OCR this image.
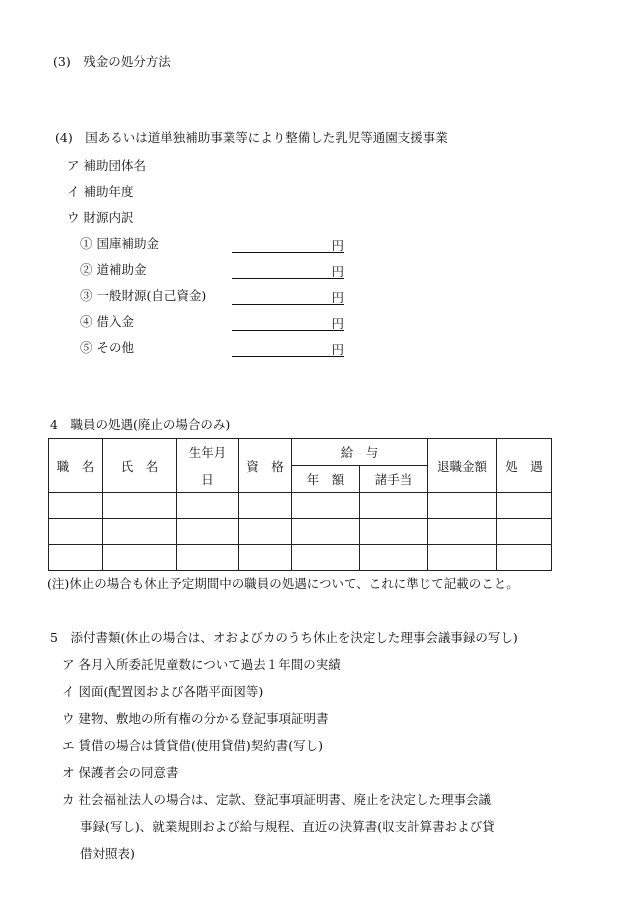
(3)　残金の処分方法
(4)　国あるいは道単独補助事業等により整備した乳児等通園支援事業
ア 補助団体名
イ 補助年度
ウ 財源内訳
① 国庫補助金	円
② 道補助金	円
③ 一般財源(自己資金)	円
④ 借入金	円
⑤ その他	円
4　職員の処遇(廃止の場合のみ)
職　名	氏　名	生年月	資　格	給　与		退職金額	処　遇
		日		年　額	諸手当		

(注)休止の場合も休止予定期間中の職員の処遇について、これに準じて記載のこと。
5　添付書類(休止の場合は、オおよびカのうち休止を決定した理事会議事録の写し)
ア 各月入所委託児童数について過去１年間の実績
イ 図面(配置図および各階平面図等)
ウ 建物、敷地の所有権の分かる登記事項証明書
エ 賃借の場合は賃貸借(使用貸借)契約書(写し)
オ 保護者会の同意書
カ 社会福祉法人の場合は、定款、登記事項証明書、廃止を決定した理事会議
事録(写し)、就業規則および給与規程、直近の決算書(収支計算書および貸
借対照表)
